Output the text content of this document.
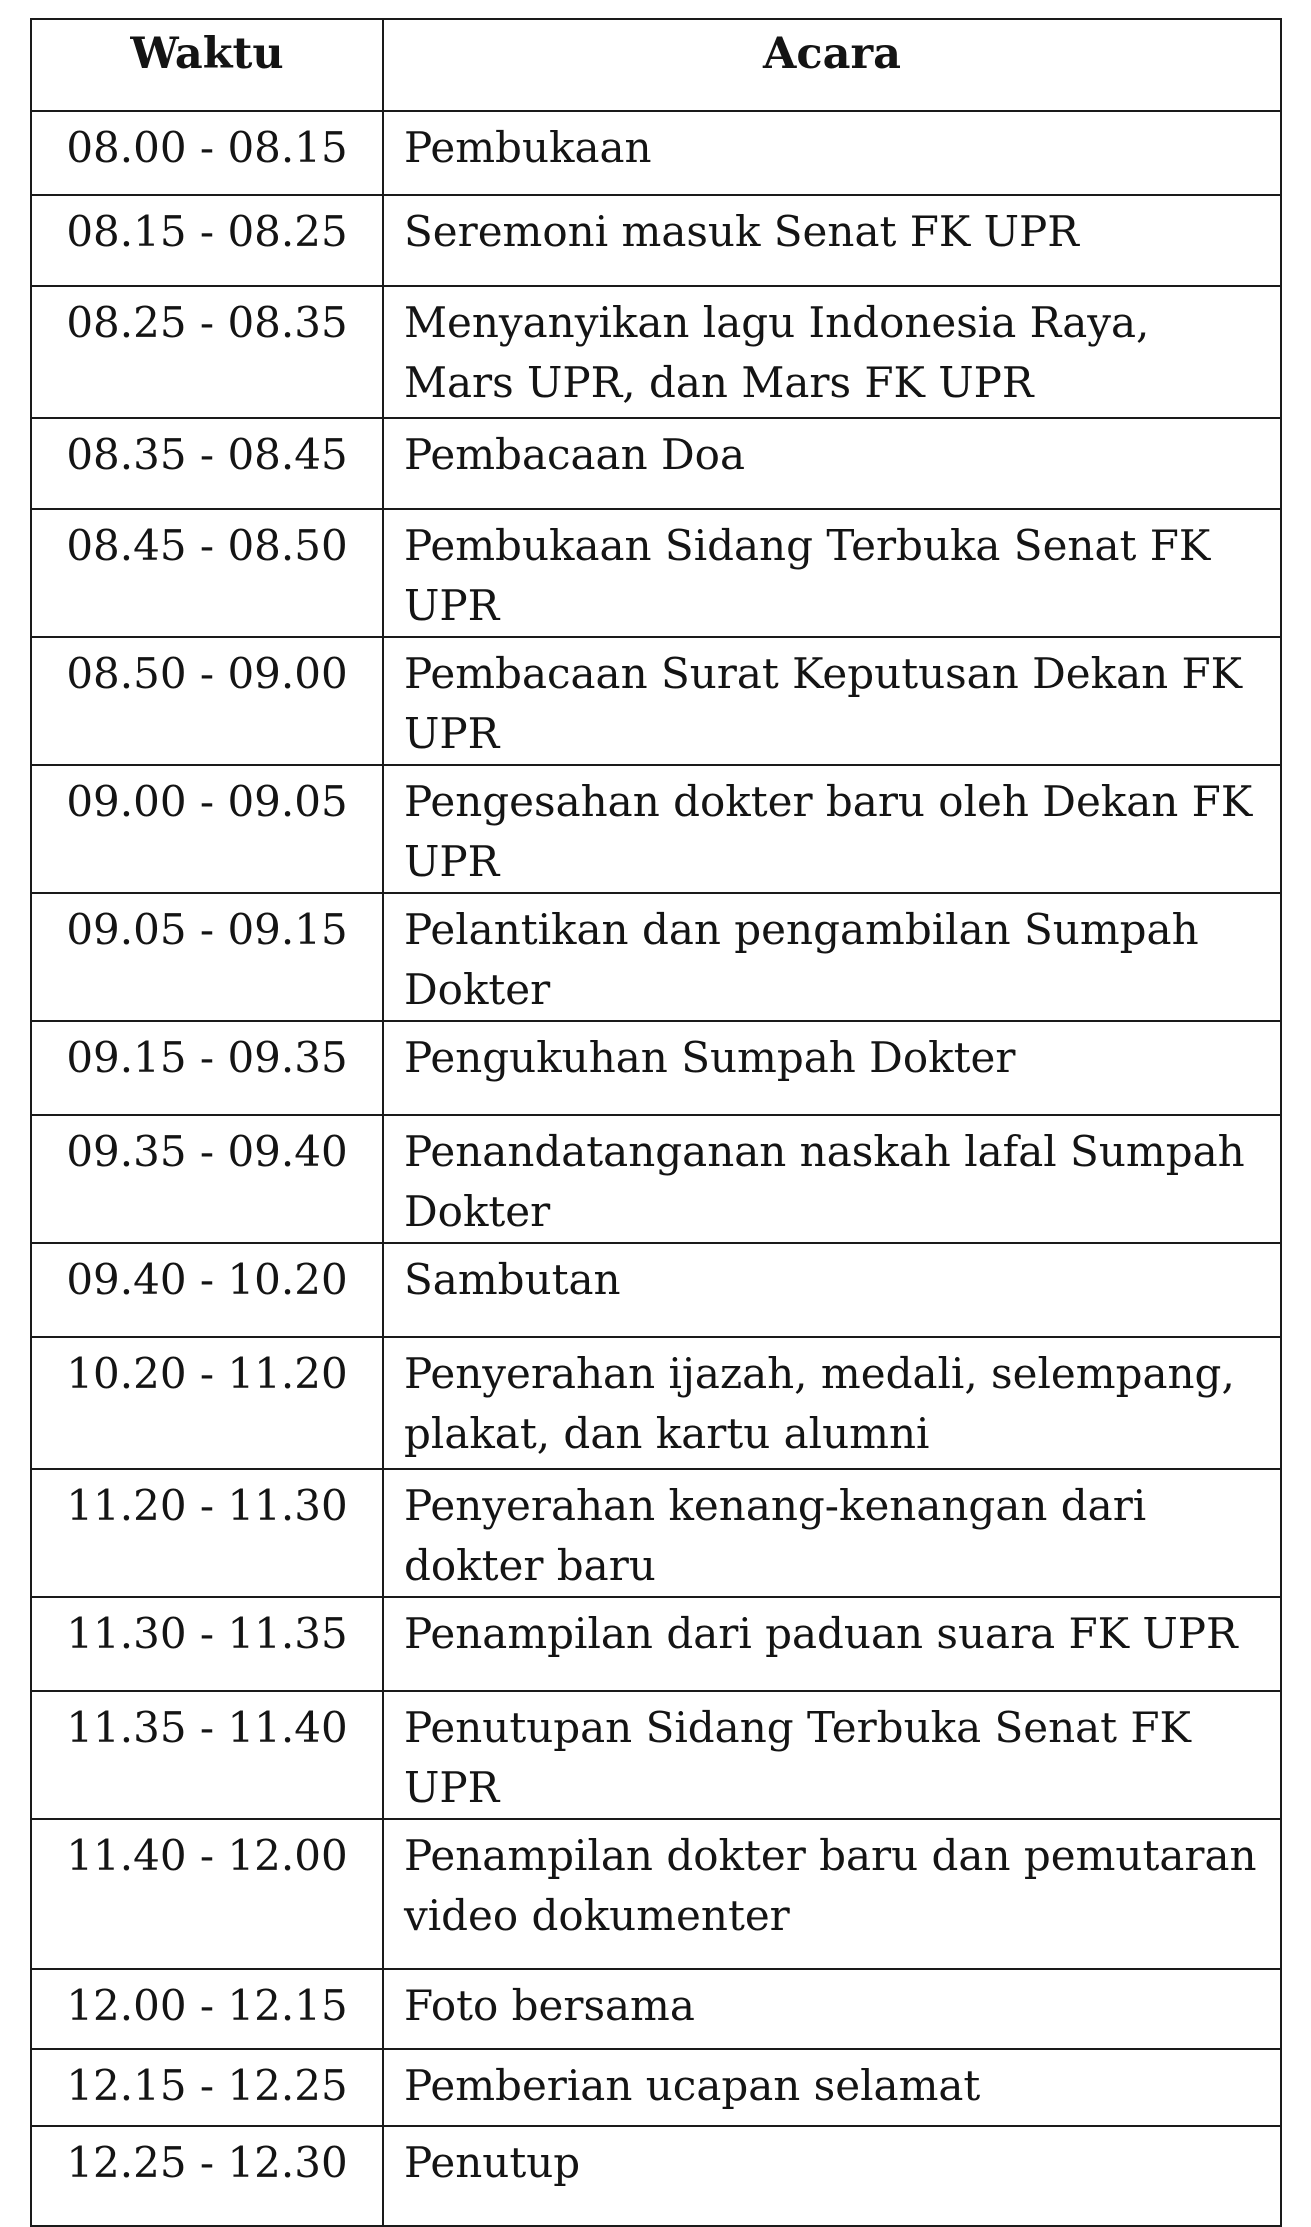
Waktu	Acara
08.00 - 08.15	Pembukaan
08.15 - 08.25	Seremoni masuk Senat FK UPR
08.25 - 08.35	Menyanyikan lagu Indonesia Raya, Mars UPR, dan Mars FK UPR
08.35 - 08.45	Pembacaan Doa
08.45 - 08.50	Pembukaan Sidang Terbuka Senat FK UPR
08.50 - 09.00	Pembacaan Surat Keputusan Dekan FK UPR
09.00 - 09.05	Pengesahan dokter baru oleh Dekan FK UPR
09.05 - 09.15	Pelantikan dan pengambilan Sumpah Dokter
09.15 - 09.35	Pengukuhan Sumpah Dokter
09.35 - 09.40	Penandatanganan naskah lafal Sumpah Dokter
09.40 - 10.20	Sambutan
10.20 - 11.20	Penyerahan ijazah, medali, selempang, plakat, dan kartu alumni
11.20 - 11.30	Penyerahan kenang-kenangan dari dokter baru
11.30 - 11.35	Penampilan dari paduan suara FK UPR
11.35 - 11.40	Penutupan Sidang Terbuka Senat FK UPR
11.40 - 12.00	Penampilan dokter baru dan pemutaran video dokumenter
12.00 - 12.15	Foto bersama
12.15 - 12.25	Pemberian ucapan selamat
12.25 - 12.30	Penutup
